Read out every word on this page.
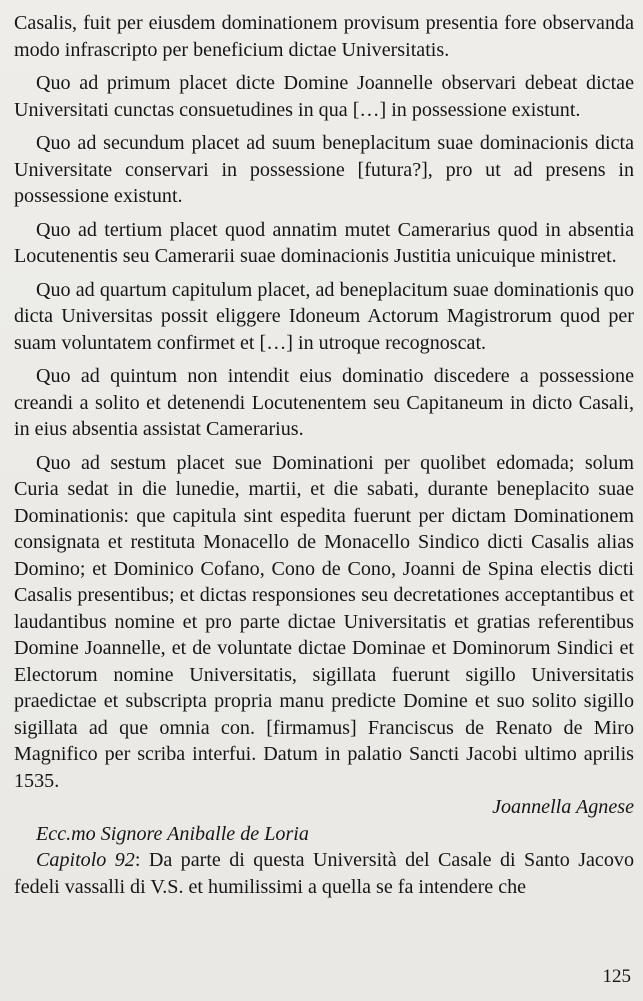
Casalis, fuit per eiusdem dominationem provisum presentia fore observanda modo infrascripto per beneficium dictae Universitatis.

Quo ad primum placet dicte Domine Joannelle observari debeat dictae Universitati cunctas consuetudines in qua […] in possessione existunt.

Quo ad secundum placet ad suum beneplacitum suae dominacionis dicta Universitate conservari in possessione [futura?], pro ut ad presens in possessione existunt.

Quo ad tertium placet quod annatim mutet Camerarius quod in absentia Locutenentis seu Camerarii suae dominacionis Justitia unicuique ministret.

Quo ad quartum capitulum placet, ad beneplacitum suae dominationis quo dicta Universitas possit eliggere Idoneum Actorum Magistrorum quod per suam voluntatem confirmet et […] in utroque recognoscat.

Quo ad quintum non intendit eius dominatio discedere a possessione creandi a solito et detenendi Locutenentem seu Capitaneum in dicto Casali, in eius absentia assistat Camerarius.

Quo ad sestum placet sue Dominationi per quolibet edomada; solum Curia sedat in die lunedie, martii, et die sabati, durante beneplacito suae Dominationis: que capitula sint espedita fuerunt per dictam Dominationem consignata et restituta Monacello de Monacello Sindico dicti Casalis alias Domino; et Dominico Cofano, Cono de Cono, Joanni de Spina electis dicti Casalis presentibus; et dictas responsiones seu decretationes acceptantibus et laudantibus nomine et pro parte dictae Universitatis et gratias referentibus Domine Joannelle, et de voluntate dictae Dominae et Dominorum Sindici et Electorum nomine Universitatis, sigillata fuerunt sigillo Universitatis praedictae et subscripta propria manu predicte Domine et suo solito sigillo sigillata ad que omnia con. [firmamus] Franciscus de Renato de Miro Magnifico per scriba interfui. Datum in palatio Sancti Jacobi ultimo aprilis 1535.

Joannella Agnese

Ecc.mo Signore Aniballe de Loria

Capitolo 92: Da parte di questa Università del Casale di Santo Jacovo fedeli vassalli di V.S. et humilissimi a quella se fa intendere che

125
